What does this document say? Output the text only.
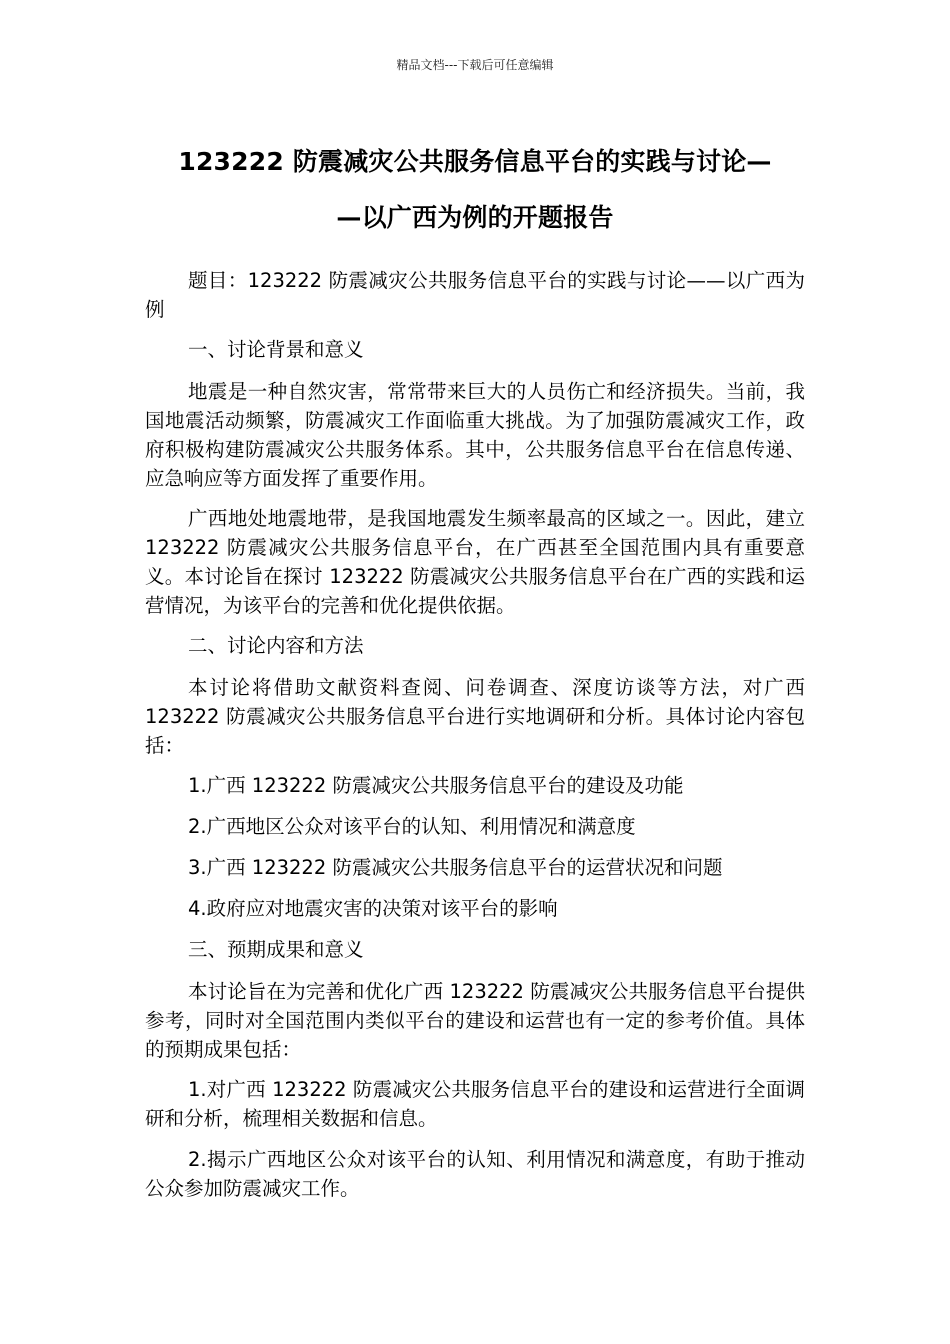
精品文档---下载后可任意编辑
123222 防震减灾公共服务信息平台的实践与讨论—
—以广西为例的开题报告

题目：123222 防震减灾公共服务信息平台的实践与讨论——以广西为例

一、讨论背景和意义

地震是一种自然灾害，常常带来巨大的人员伤亡和经济损失。当前，我国地震活动频繁，防震减灾工作面临重大挑战。为了加强防震减灾工作，政府积极构建防震减灾公共服务体系。其中，公共服务信息平台在信息传递、应急响应等方面发挥了重要作用。

广西地处地震地带，是我国地震发生频率最高的区域之一。因此，建立 123222 防震减灾公共服务信息平台，在广西甚至全国范围内具有重要意义。本讨论旨在探讨 123222 防震减灾公共服务信息平台在广西的实践和运营情况，为该平台的完善和优化提供依据。

二、讨论内容和方法

本讨论将借助文献资料查阅、问卷调查、深度访谈等方法，对广西 123222 防震减灾公共服务信息平台进行实地调研和分析。具体讨论内容包括：

1.广西 123222 防震减灾公共服务信息平台的建设及功能

2.广西地区公众对该平台的认知、利用情况和满意度

3.广西 123222 防震减灾公共服务信息平台的运营状况和问题

4.政府应对地震灾害的决策对该平台的影响

三、预期成果和意义

本讨论旨在为完善和优化广西 123222 防震减灾公共服务信息平台提供参考，同时对全国范围内类似平台的建设和运营也有一定的参考价值。具体的预期成果包括：

1.对广西 123222 防震减灾公共服务信息平台的建设和运营进行全面调研和分析，梳理相关数据和信息。

2.揭示广西地区公众对该平台的认知、利用情况和满意度，有助于推动公众参加防震减灾工作。
